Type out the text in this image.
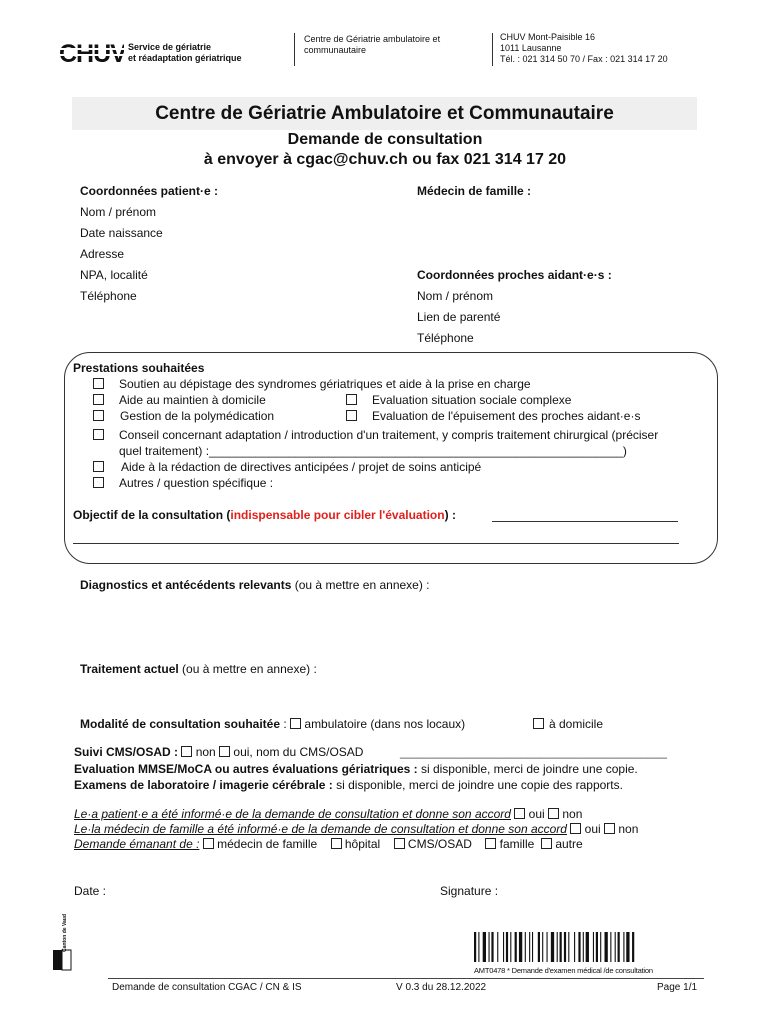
CHUV Service de gériatrie
et réadaptation gériatrique
Centre de Gériatrie ambulatoire et
communautaire
CHUV Mont-Paisible 16
1011 Lausanne
Tél. : 021 314 50 70 / Fax : 021 314 17 20
Centre de Gériatrie Ambulatoire et Communautaire
Demande de consultation
à envoyer à cgac@chuv.ch ou fax 021 314 17 20
Coordonnées patient·e :
Nom / prénom
Date naissance
Adresse
NPA, localité
Téléphone
Médecin de famille :
Coordonnées proches aidant·e·s :
Nom / prénom
Lien de parenté
Téléphone
Prestations souhaitées
Soutien au dépistage des syndromes gériatriques et aide à la prise en charge
Aide au maintien à domicile	Evaluation situation sociale complexe
Gestion de la polymédication	Evaluation de l'épuisement des proches aidant·e·s
Conseil concernant adaptation / introduction d'un traitement, y compris traitement chirurgical (préciser
quel traitement) :______________________________________________________________)
Aide à la rédaction de directives anticipées / projet de soins anticipé
Autres / question spécifique :
Objectif de la consultation (indispensable pour cibler l'évaluation) :
Diagnostics et antécédents relevants (ou à mettre en annexe) :
Traitement actuel (ou à mettre en annexe) :
Modalité de consultation souhaitée :  ambulatoire (dans nos locaux)	à domicile
Suivi CMS/OSAD : non oui, nom du CMS/OSAD	________________________________________
Evaluation MMSE/MoCA ou autres évaluations gériatriques : si disponible, merci de joindre une copie.
Examens de laboratoire / imagerie cérébrale : si disponible, merci de joindre une copie des rapports.
Le·a patient·e a été informé·e de la demande de consultation et donne son accord oui non
Le·la médecin de famille a été informé·e de la demande de consultation et donne son accord oui non
Demande émanant de : médecin de famille hôpital CMS/OSAD famille autre
Date :	Signature :
Canton de Vaud
AMT0478 * Demande d'examen médical /de consultation
Demande de consultation CGAC / CN & IS	V 0.3 du 28.12.2022	Page 1/1
